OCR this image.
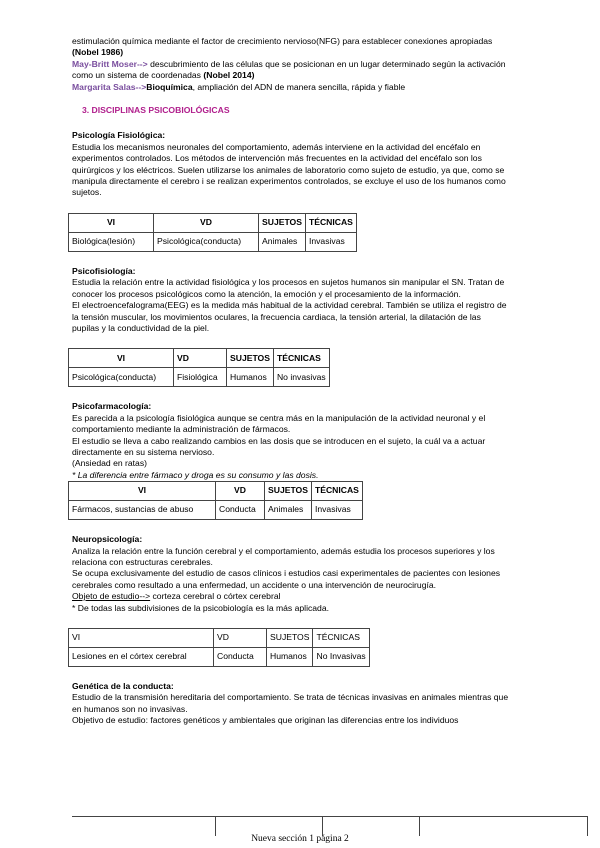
estimulación química mediante el factor de crecimiento nervioso(NFG) para establecer conexiones apropiadas

(Nobel 1986)

May-Britt Moser--> descubrimiento de las células que se posicionan en un lugar determinado según la activación

como un sistema de coordenadas (Nobel 2014)

Margarita Salas-->Bioquímica, ampliación del ADN de manera sencilla, rápida y fiable

3. DISCIPLINAS PSICOBIOLÓGICAS

Psicología Fisiológica:

Estudia los mecanismos neuronales del comportamiento, además interviene en la actividad del encéfalo en

experimentos controlados. Los métodos de intervención más frecuentes en la actividad del encéfalo son los

quirúrgicos y los eléctricos. Suelen utilizarse los animales de laboratorio como sujeto de estudio, ya que, como se

manipula directamente el cerebro i se realizan experimentos controlados, se excluye el uso de los humanos como

sujetos.

VI	VD	SUJETOS	TÉCNICAS
Biológica(lesión)	Psicológica(conducta)	Animales	Invasivas

Psicofisiología:

Estudia la relación entre la actividad fisiológica y los procesos en sujetos humanos sin manipular el SN. Tratan de

conocer los procesos psicológicos como la atención, la emoción y el procesamiento de la información.

El electroencefalograma(EEG) es la medida más habitual de la actividad cerebral. También se utiliza el registro de

la tensión muscular, los movimientos oculares, la frecuencia cardiaca, la tensión arterial, la dilatación de las

pupilas y la conductividad de la piel.

VI	VD	SUJETOS	TÉCNICAS
Psicológica(conducta)	Fisiológica	Humanos	No invasivas

Psicofarmacología:

Es parecida a la psicología fisiológica aunque se centra más en la manipulación de la actividad neuronal y el

comportamiento mediante la administración de fármacos.

El estudio se lleva a cabo realizando cambios en las dosis que se introducen en el sujeto, la cuál va a actuar

directamente en su sistema nervioso.

(Ansiedad en ratas)

* La diferencia entre fármaco y droga es su consumo y las dosis.

VI	VD	SUJETOS	TÉCNICAS
Fármacos, sustancias de abuso	Conducta	Animales	Invasivas

Neuropsicología:

Analiza la relación entre la función cerebral y el comportamiento, además estudia los procesos superiores y los

relaciona con estructuras cerebrales.

Se ocupa exclusivamente del estudio de casos clínicos i estudios casi experimentales de pacientes con lesiones

cerebrales como resultado a una enfermedad, un accidente o una intervención de neurocirugía.

Objeto de estudio--> corteza cerebral o córtex cerebral

* De todas las subdivisiones de la psicobiología es la más aplicada.

VI	VD	SUJETOS	TÉCNICAS
Lesiones en el córtex cerebral	Conducta	Humanos	No Invasivas

Genética de la conducta:

Estudio de la transmisión hereditaria del comportamiento. Se trata de técnicas invasivas en animales mientras que

en humanos son no invasivas.

Objetivo de estudio: factores genéticos y ambientales que originan las diferencias entre los individuos

Nueva sección 1 página 2
